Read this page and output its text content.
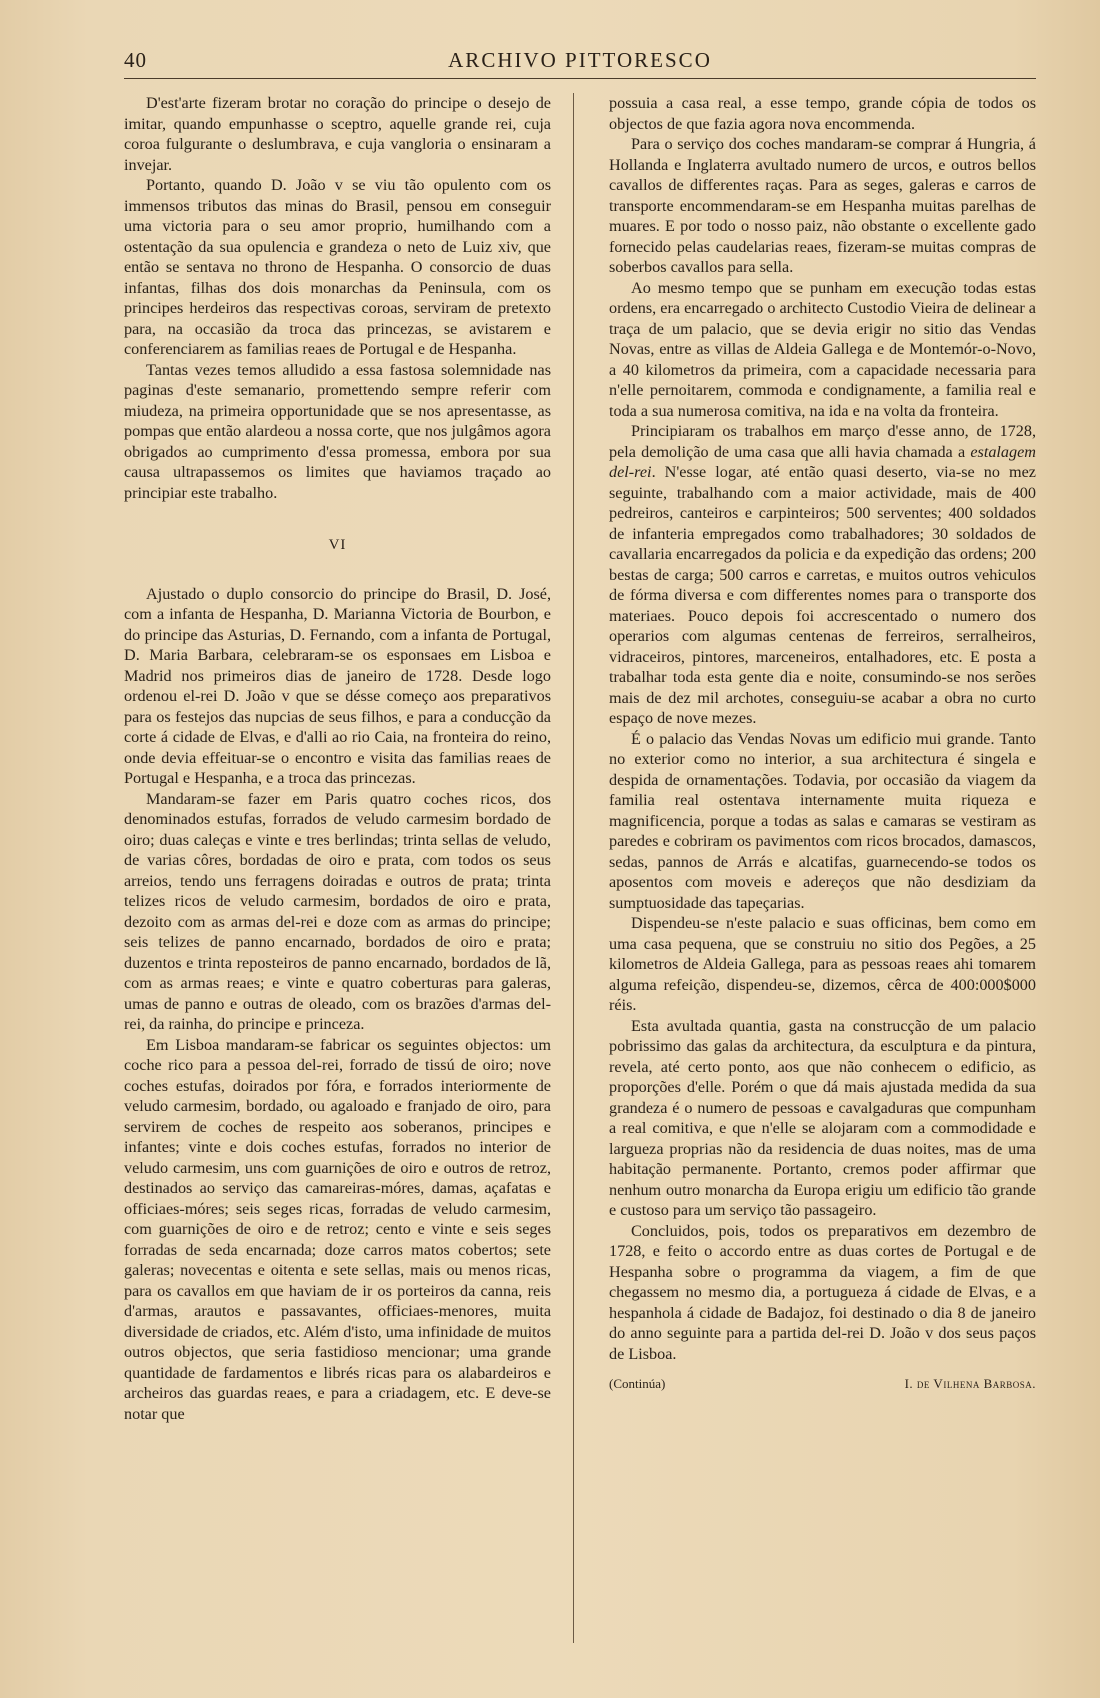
40	ARCHIVO PITTORESCO

D'est'arte fizeram brotar no coração do principe o desejo de imitar, quando empunhasse o sceptro, aquelle grande rei, cuja coroa fulgurante o deslumbrava, e cuja vangloria o ensinaram a invejar.

Portanto, quando D. João v se viu tão opulento com os immensos tributos das minas do Brasil, pensou em conseguir uma victoria para o seu amor proprio, humilhando com a ostentação da sua opulencia e grandeza o neto de Luiz xiv, que então se sentava no throno de Hespanha. O consorcio de duas infantas, filhas dos dois monarchas da Peninsula, com os principes herdeiros das respectivas coroas, serviram de pretexto para, na occasião da troca das princezas, se avistarem e conferenciarem as familias reaes de Portugal e de Hespanha.

Tantas vezes temos alludido a essa fastosa solemnidade nas paginas d'este semanario, promettendo sempre referir com miudeza, na primeira opportunidade que se nos apresentasse, as pompas que então alardeou a nossa corte, que nos julgâmos agora obrigados ao cumprimento d'essa promessa, embora por sua causa ultrapassemos os limites que haviamos traçado ao principiar este trabalho.

VI

Ajustado o duplo consorcio do principe do Brasil, D. José, com a infanta de Hespanha, D. Marianna Victoria de Bourbon, e do principe das Asturias, D. Fernando, com a infanta de Portugal, D. Maria Barbara, celebraram-se os esponsaes em Lisboa e Madrid nos primeiros dias de janeiro de 1728. Desde logo ordenou el-rei D. João v que se désse começo aos preparativos para os festejos das nupcias de seus filhos, e para a conducção da corte á cidade de Elvas, e d'alli ao rio Caia, na fronteira do reino, onde devia effeituar-se o encontro e visita das familias reaes de Portugal e Hespanha, e a troca das princezas.

Mandaram-se fazer em Paris quatro coches ricos, dos denominados estufas, forrados de veludo carmesim bordado de oiro; duas caleças e vinte e tres berlindas; trinta sellas de veludo, de varias côres, bordadas de oiro e prata, com todos os seus arreios, tendo uns ferragens doiradas e outros de prata; trinta telizes ricos de veludo carmesim, bordados de oiro e prata, dezoito com as armas del-rei e doze com as armas do principe; seis telizes de panno encarnado, bordados de oiro e prata; duzentos e trinta reposteiros de panno encarnado, bordados de lã, com as armas reaes; e vinte e quatro coberturas para galeras, umas de panno e outras de oleado, com os brazões d'armas del-rei, da rainha, do principe e princeza.

Em Lisboa mandaram-se fabricar os seguintes objectos: um coche rico para a pessoa del-rei, forrado de tissú de oiro; nove coches estufas, doirados por fóra, e forrados interiormente de veludo carmesim, bordado, ou agaloado e franjado de oiro, para servirem de coches de respeito aos soberanos, principes e infantes; vinte e dois coches estufas, forrados no interior de veludo carmesim, uns com guarnições de oiro e outros de retroz, destinados ao serviço das camareiras-móres, damas, açafatas e officiaes-móres; seis seges ricas, forradas de veludo carmesim, com guarnições de oiro e de retroz; cento e vinte e seis seges forradas de seda encarnada; doze carros matos cobertos; sete galeras; novecentas e oitenta e sete sellas, mais ou menos ricas, para os cavallos em que haviam de ir os porteiros da canna, reis d'armas, arautos e passavantes, officiaes-menores, muita diversidade de criados, etc. Além d'isto, uma infinidade de muitos outros objectos, que seria fastidioso mencionar; uma grande quantidade de fardamentos e librés ricas para os alabardeiros e archeiros das guardas reaes, e para a criadagem, etc. E deve-se notar que

possuia a casa real, a esse tempo, grande cópia de todos os objectos de que fazia agora nova encommenda.

Para o serviço dos coches mandaram-se comprar á Hungria, á Hollanda e Inglaterra avultado numero de urcos, e outros bellos cavallos de differentes raças. Para as seges, galeras e carros de transporte encommendaram-se em Hespanha muitas parelhas de muares. E por todo o nosso paiz, não obstante o excellente gado fornecido pelas caudelarias reaes, fizeram-se muitas compras de soberbos cavallos para sella.

Ao mesmo tempo que se punham em execução todas estas ordens, era encarregado o architecto Custodio Vieira de delinear a traça de um palacio, que se devia erigir no sitio das Vendas Novas, entre as villas de Aldeia Gallega e de Montemór-o-Novo, a 40 kilometros da primeira, com a capacidade necessaria para n'elle pernoitarem, commoda e condignamente, a familia real e toda a sua numerosa comitiva, na ida e na volta da fronteira.

Principiaram os trabalhos em março d'esse anno, de 1728, pela demolição de uma casa que alli havia chamada a estalagem del-rei. N'esse logar, até então quasi deserto, via-se no mez seguinte, trabalhando com a maior actividade, mais de 400 pedreiros, canteiros e carpinteiros; 500 serventes; 400 soldados de infanteria empregados como trabalhadores; 30 soldados de cavallaria encarregados da policia e da expedição das ordens; 200 bestas de carga; 500 carros e carretas, e muitos outros vehiculos de fórma diversa e com differentes nomes para o transporte dos materiaes. Pouco depois foi accrescentado o numero dos operarios com algumas centenas de ferreiros, serralheiros, vidraceiros, pintores, marceneiros, entalhadores, etc. E posta a trabalhar toda esta gente dia e noite, consumindo-se nos serões mais de dez mil archotes, conseguiu-se acabar a obra no curto espaço de nove mezes.

É o palacio das Vendas Novas um edificio mui grande. Tanto no exterior como no interior, a sua architectura é singela e despida de ornamentações. Todavia, por occasião da viagem da familia real ostentava internamente muita riqueza e magnificencia, porque a todas as salas e camaras se vestiram as paredes e cobriram os pavimentos com ricos brocados, damascos, sedas, pannos de Arrás e alcatifas, guarnecendo-se todos os aposentos com moveis e adereços que não desdiziam da sumptuosidade das tapeçarias.

Dispendeu-se n'este palacio e suas officinas, bem como em uma casa pequena, que se construiu no sitio dos Pegões, a 25 kilometros de Aldeia Gallega, para as pessoas reaes ahi tomarem alguma refeição, dispendeu-se, dizemos, cêrca de 400:000$000 réis.

Esta avultada quantia, gasta na construcção de um palacio pobrissimo das galas da architectura, da esculptura e da pintura, revela, até certo ponto, aos que não conhecem o edificio, as proporções d'elle. Porém o que dá mais ajustada medida da sua grandeza é o numero de pessoas e cavalgaduras que compunham a real comitiva, e que n'elle se alojaram com a commodidade e largueza proprias não da residencia de duas noites, mas de uma habitação permanente. Portanto, cremos poder affirmar que nenhum outro monarcha da Europa erigiu um edificio tão grande e custoso para um serviço tão passageiro.

Concluidos, pois, todos os preparativos em dezembro de 1728, e feito o accordo entre as duas cortes de Portugal e de Hespanha sobre o programma da viagem, a fim de que chegassem no mesmo dia, a portugueza á cidade de Elvas, e a hespanhola á cidade de Badajoz, foi destinado o dia 8 de janeiro do anno seguinte para a partida del-rei D. João v dos seus paços de Lisboa.

(Continúa)	I. de Vilhena Barbosa.
